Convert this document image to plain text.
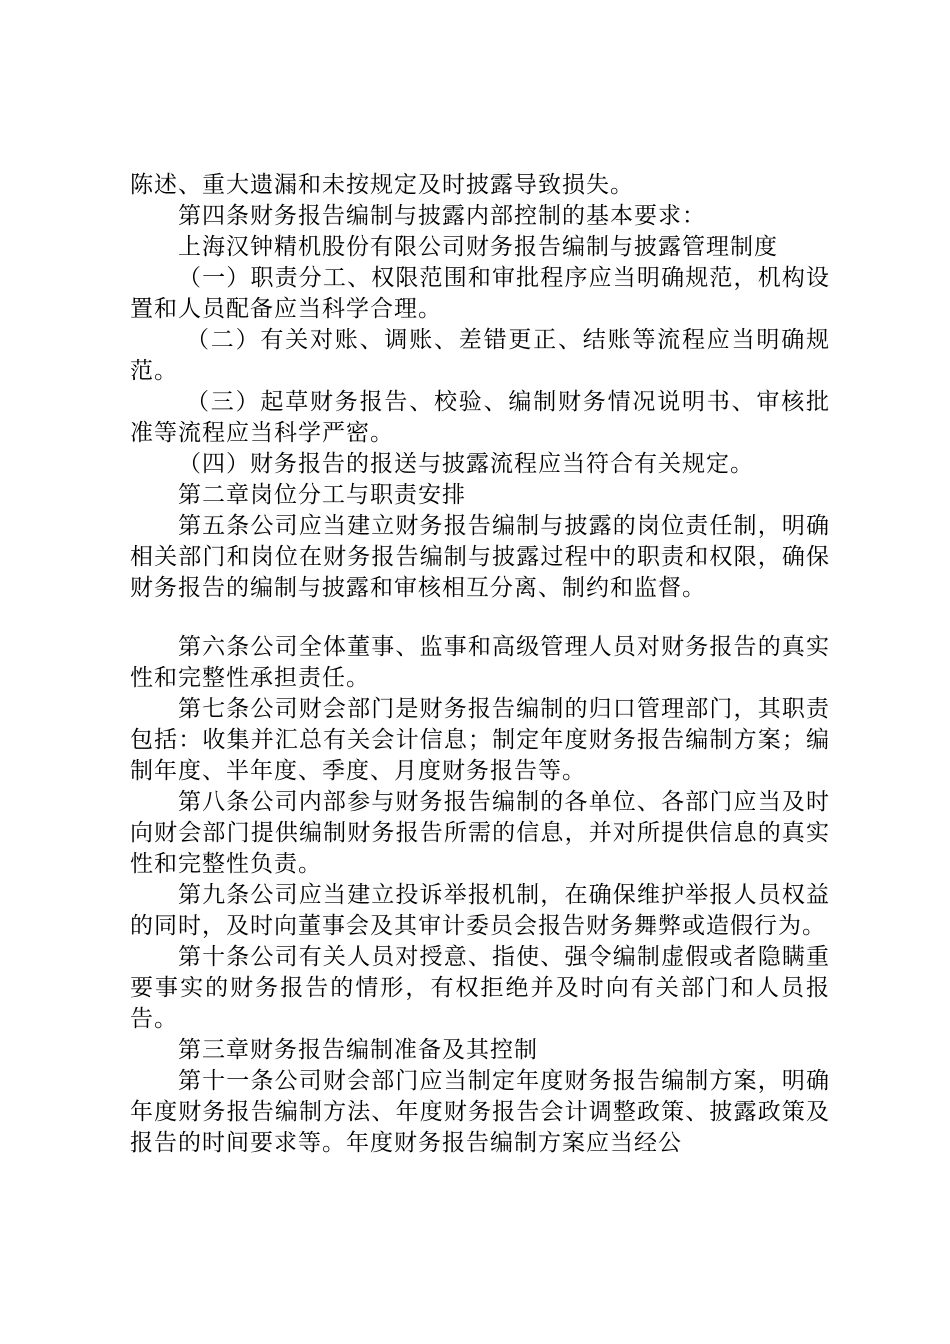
陈述、重大遗漏和未按规定及时披露导致损失。

第四条财务报告编制与披露内部控制的基本要求：

上海汉钟精机股份有限公司财务报告编制与披露管理制度

（一）职责分工、权限范围和审批程序应当明确规范，机构设置和人员配备应当科学合理。

（二）有关对账、调账、差错更正、结账等流程应当明确规范。

（三）起草财务报告、校验、编制财务情况说明书、审核批准等流程应当科学严密。

（四）财务报告的报送与披露流程应当符合有关规定。

第二章岗位分工与职责安排

第五条公司应当建立财务报告编制与披露的岗位责任制，明确相关部门和岗位在财务报告编制与披露过程中的职责和权限，确保财务报告的编制与披露和审核相互分离、制约和监督。

第六条公司全体董事、监事和高级管理人员对财务报告的真实性和完整性承担责任。

第七条公司财会部门是财务报告编制的归口管理部门，其职责包括：收集并汇总有关会计信息；制定年度财务报告编制方案；编制年度、半年度、季度、月度财务报告等。

第八条公司内部参与财务报告编制的各单位、各部门应当及时向财会部门提供编制财务报告所需的信息，并对所提供信息的真实性和完整性负责。

第九条公司应当建立投诉举报机制，在确保维护举报人员权益的同时，及时向董事会及其审计委员会报告财务舞弊或造假行为。

第十条公司有关人员对授意、指使、强令编制虚假或者隐瞒重要事实的财务报告的情形，有权拒绝并及时向有关部门和人员报告。

第三章财务报告编制准备及其控制

第十一条公司财会部门应当制定年度财务报告编制方案，明确年度财务报告编制方法、年度财务报告会计调整政策、披露政策及报告的时间要求等。年度财务报告编制方案应当经公
